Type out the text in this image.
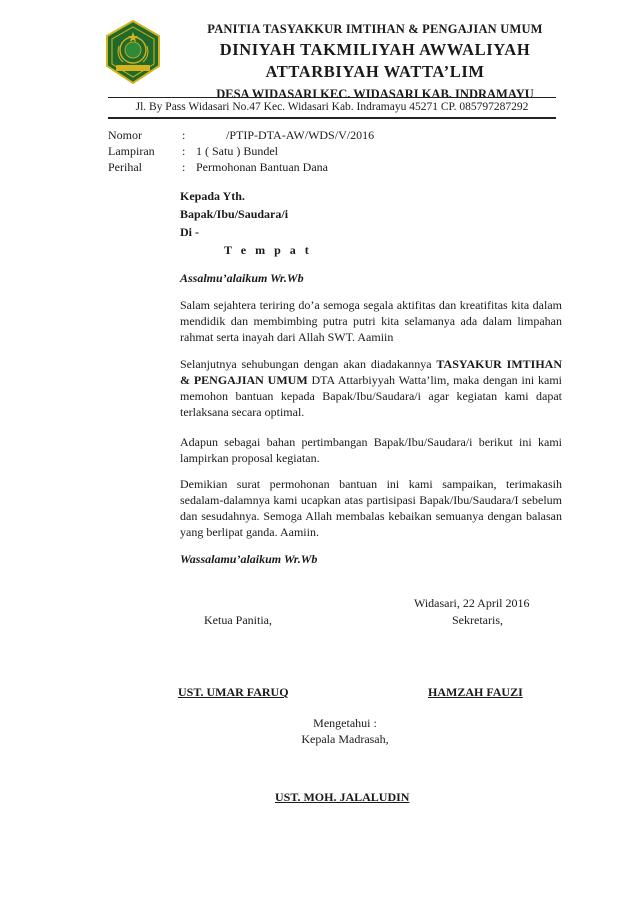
PANITIA TASYAKKUR IMTIHAN & PENGAJIAN UMUM
DINIYAH TAKMILIYAH AWWALIYAH
ATTARBIYAH WATTA’LIM
DESA WIDASARI KEC. WIDASARI KAB. INDRAMAYU
Jl. By Pass Widasari No.47 Kec. Widasari Kab. Indramayu 45271 CP. 085797287292
Nomor	:	/PTIP-DTA-AW/WDS/V/2016
Lampiran	: 1 ( Satu ) Bundel
Perihal	: Permohonan Bantuan Dana
Kepada Yth.
Bapak/Ibu/Saudara/i
Di -
T e m p a t
Assalmu’alaikum Wr.Wb

Salam sejahtera teriring do’a semoga segala aktifitas dan kreatifitas kita dalam mendidik dan membimbing putra putri kita selamanya ada dalam limpahan rahmat serta inayah dari Allah SWT. Aamiin

Selanjutnya sehubungan dengan akan diadakannya TASYAKUR IMTIHAN & PENGAJIAN UMUM DTA Attarbiyyah Watta’lim, maka dengan ini kami memohon bantuan kepada Bapak/Ibu/Saudara/i agar kegiatan kami dapat terlaksana secara optimal.

Adapun sebagai bahan pertimbangan Bapak/Ibu/Saudara/i berikut ini kami lampirkan proposal kegiatan.

Demikian surat permohonan bantuan ini kami sampaikan, terimakasih sedalam-dalamnya kami ucapkan atas partisipasi Bapak/Ibu/Saudara/I sebelum dan sesudahnya. Semoga Allah membalas kebaikan semuanya dengan balasan yang berlipat ganda. Aamiin.

Wassalamu’alaikum Wr.Wb
Widasari, 22 April 2016
Ketua Panitia,	Sekretaris,
UST. UMAR FARUQ	HAMZAH FAUZI
Mengetahui :
Kepala Madrasah,
UST. MOH. JALALUDIN
